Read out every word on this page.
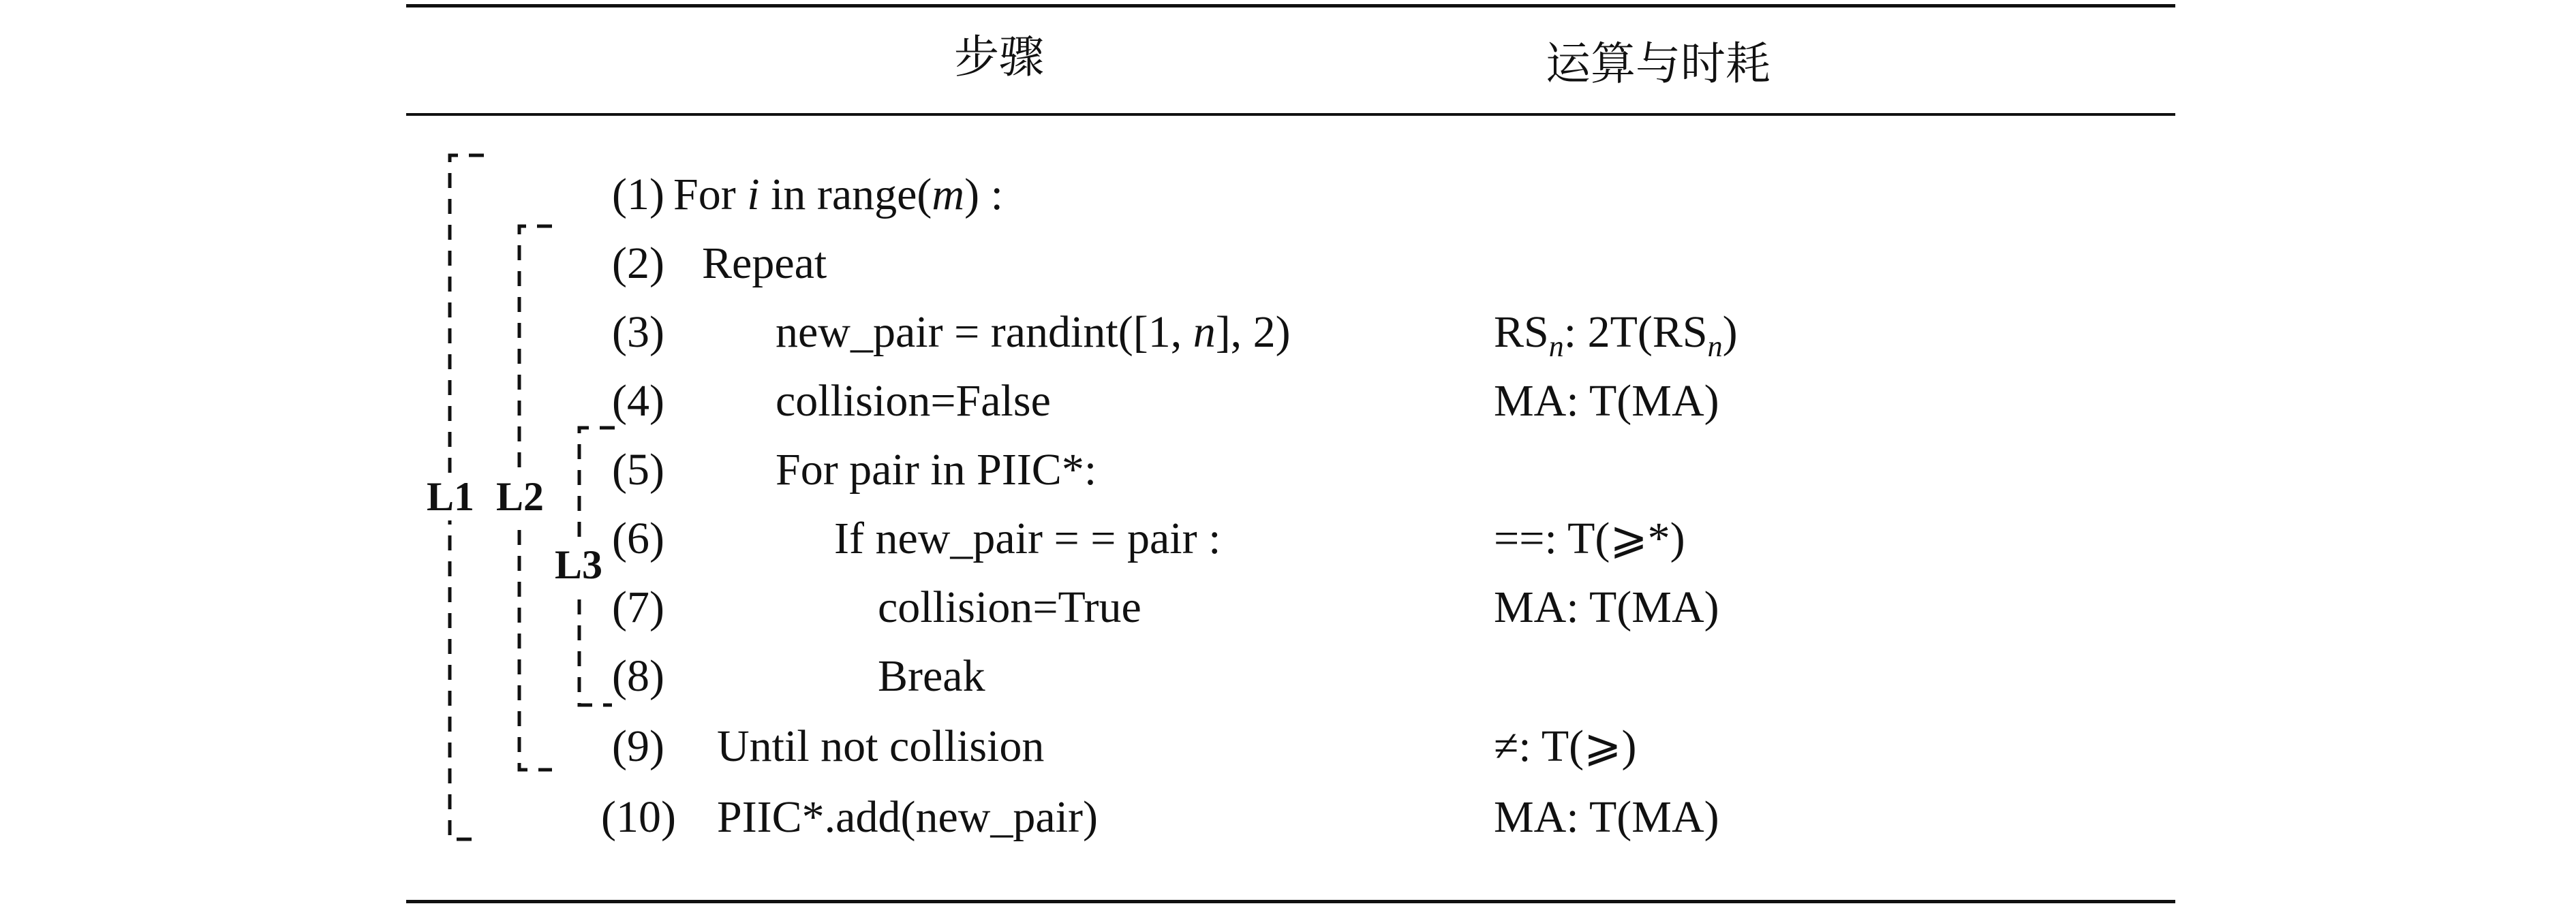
步骤	运算与时耗
L1 L2
L3
(1) For i in range(m) :
(2) Repeat
(3) new_pair = randint([1, n], 2)	$RS_n$: $2T(RS_n)$
(4) collision=False	MA: T(MA)
(5) For pair in PIIC*:
(6)	If new_pair = = pair :	==: T(⩾*)
(7)	collision=True	MA: T(MA)
(8)	Break
(9) Until not collision	≠: T(⩾)
(10) PIIC*.add(new_pair)	MA: T(MA)
